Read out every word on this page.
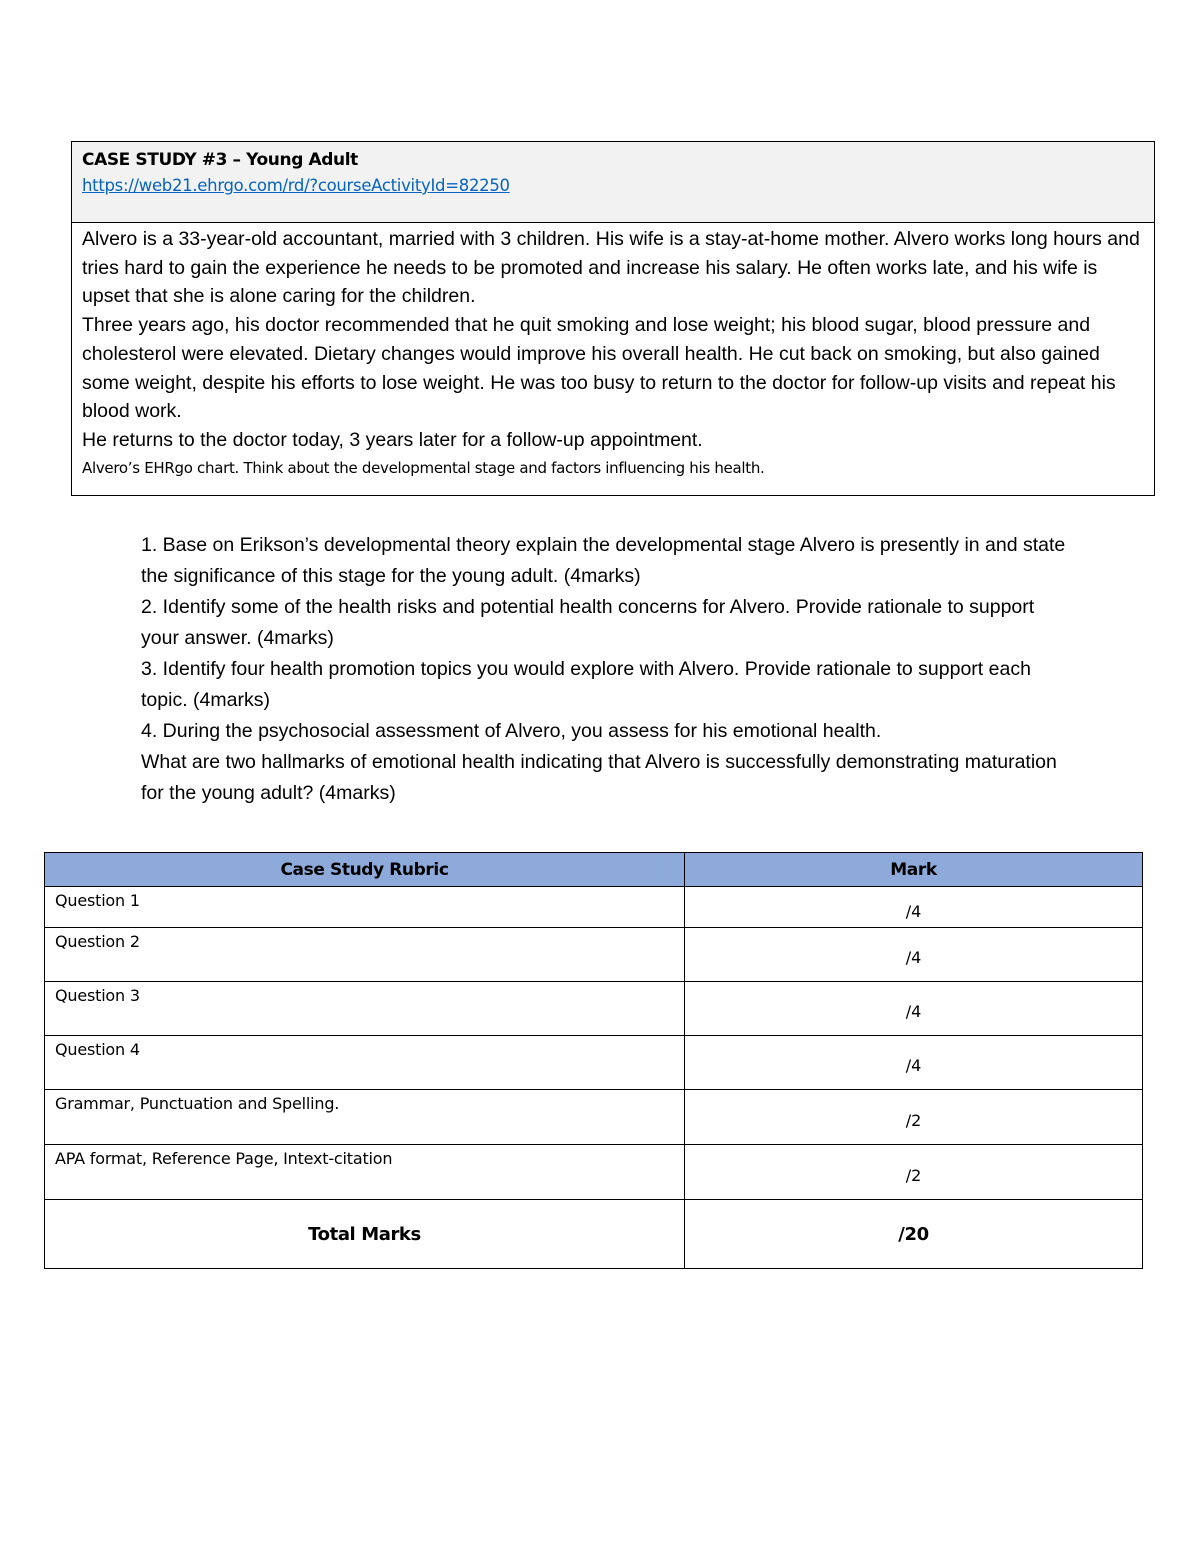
CASE STUDY #3 – Young Adult
https://web21.ehrgo.com/rd/?courseActivityId=82250

Alvero is a 33-year-old accountant, married with 3 children. His wife is a stay-at-home mother. Alvero works long hours and tries hard to gain the experience he needs to be promoted and increase his salary. He often works late, and his wife is upset that she is alone caring for the children.

Three years ago, his doctor recommended that he quit smoking and lose weight; his blood sugar, blood pressure and cholesterol were elevated. Dietary changes would improve his overall health. He cut back on smoking, but also gained some weight, despite his efforts to lose weight. He was too busy to return to the doctor for follow-up visits and repeat his blood work.

He returns to the doctor today, 3 years later for a follow-up appointment.

Alvero’s EHRgo chart. Think about the developmental stage and factors influencing his health.

1. Base on Erikson’s developmental theory explain the developmental stage Alvero is presently in and state the significance of this stage for the young adult. (4marks)

2. Identify some of the health risks and potential health concerns for Alvero. Provide rationale to support your answer. (4marks)

3. Identify four health promotion topics you would explore with Alvero. Provide rationale to support each topic. (4marks)

4. During the psychosocial assessment of Alvero, you assess for his emotional health.

What are two hallmarks of emotional health indicating that Alvero is successfully demonstrating maturation for the young adult? (4marks)

Case Study Rubric	Mark
Question 1	/4
Question 2	/4
Question 3	/4
Question 4	/4
Grammar, Punctuation and Spelling.	/2
APA format, Reference Page, Intext-citation	/2
Total Marks	/20
